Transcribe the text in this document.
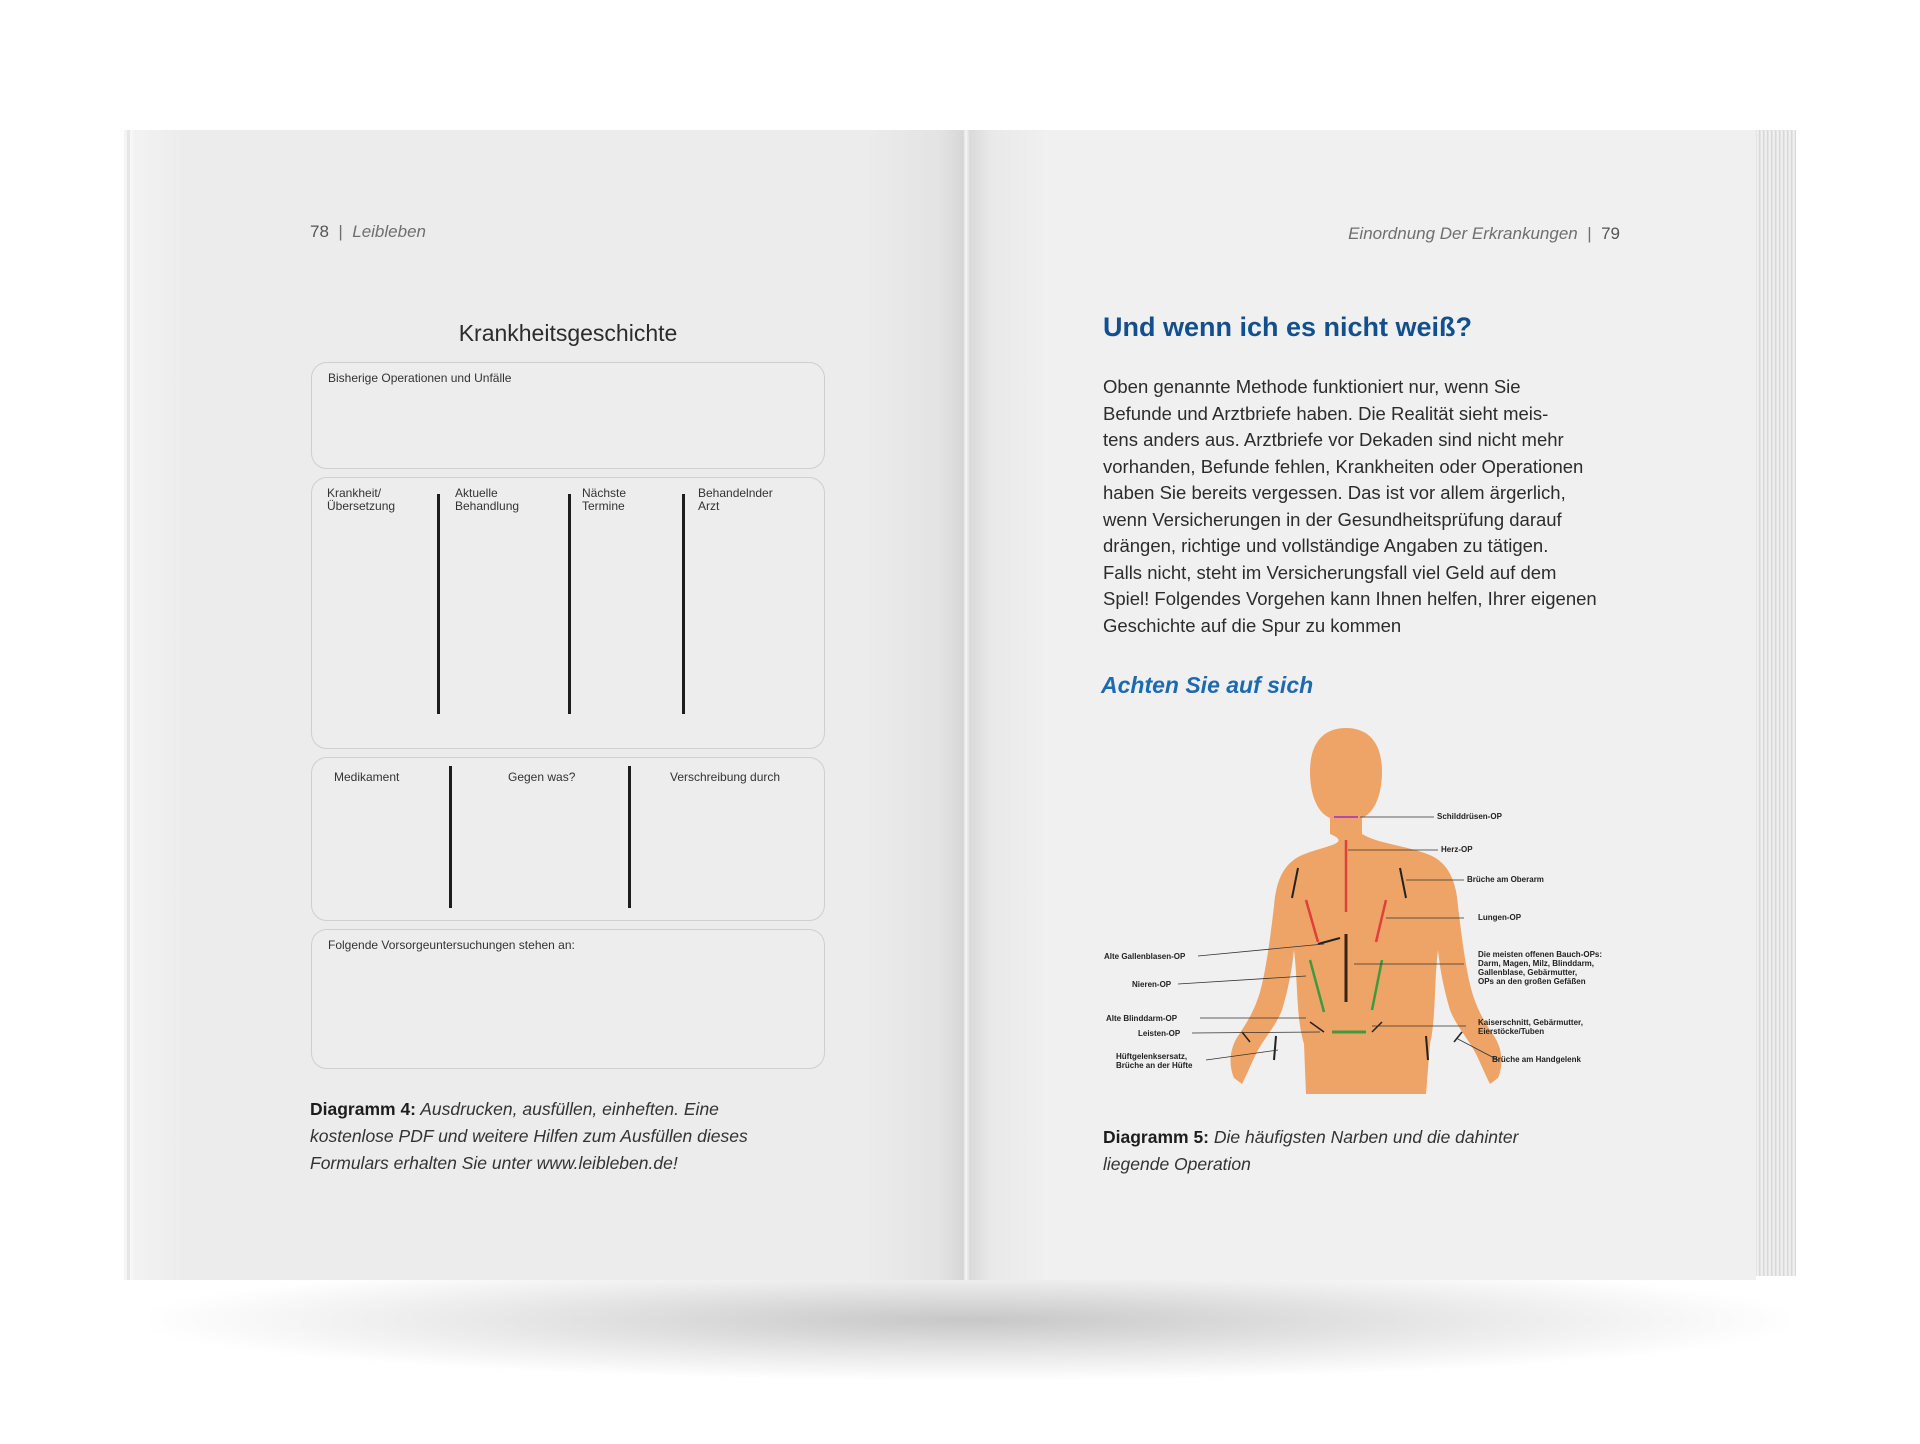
78 | Leibleben
Krankheitsgeschichte
Bisherige Operationen und Unfälle
Krankheit/
Übersetzung
Aktuelle
Behandlung
Nächste
Termine
Behandelnder
Arzt
Medikament	Gegen was?	Verschreibung durch
Folgende Vorsorgeuntersuchungen stehen an:
Diagramm 4: Ausdrucken, ausfüllen, einheften. Eine
kostenlose PDF und weitere Hilfen zum Ausfüllen dieses
Formulars erhalten Sie unter www.leibleben.de!
Einordnung Der Erkrankungen | 79
Und wenn ich es nicht weiß?
Oben genannte Methode funktioniert nur, wenn Sie
Befunde und Arztbriefe haben. Die Realität sieht meis-
tens anders aus. Arztbriefe vor Dekaden sind nicht mehr
vorhanden, Befunde fehlen, Krankheiten oder Operationen
haben Sie bereits vergessen. Das ist vor allem ärgerlich,
wenn Versicherungen in der Gesundheitsprüfung darauf
drängen, richtige und vollständige Angaben zu tätigen.
Falls nicht, steht im Versicherungsfall viel Geld auf dem
Spiel! Folgendes Vorgehen kann Ihnen helfen, Ihrer eigenen
Geschichte auf die Spur zu kommen
Achten Sie auf sich
Schilddrüsen-OP
Herz-OP
Brüche am Oberarm
Lungen-OP
Die meisten offenen Bauch-OPs:
Darm, Magen, Milz, Blinddarm,
Gallenblase, Gebärmutter,
OPs an den großen Gefäßen
Kaiserschnitt, Gebärmutter,
Eierstöcke/Tuben
Brüche am Handgelenk
Alte Gallenblasen-OP
Nieren-OP
Alte Blinddarm-OP
Leisten-OP
Hüftgelenksersatz,
Brüche an der Hüfte
Diagramm 5: Die häufigsten Narben und die dahinter
liegende Operation
